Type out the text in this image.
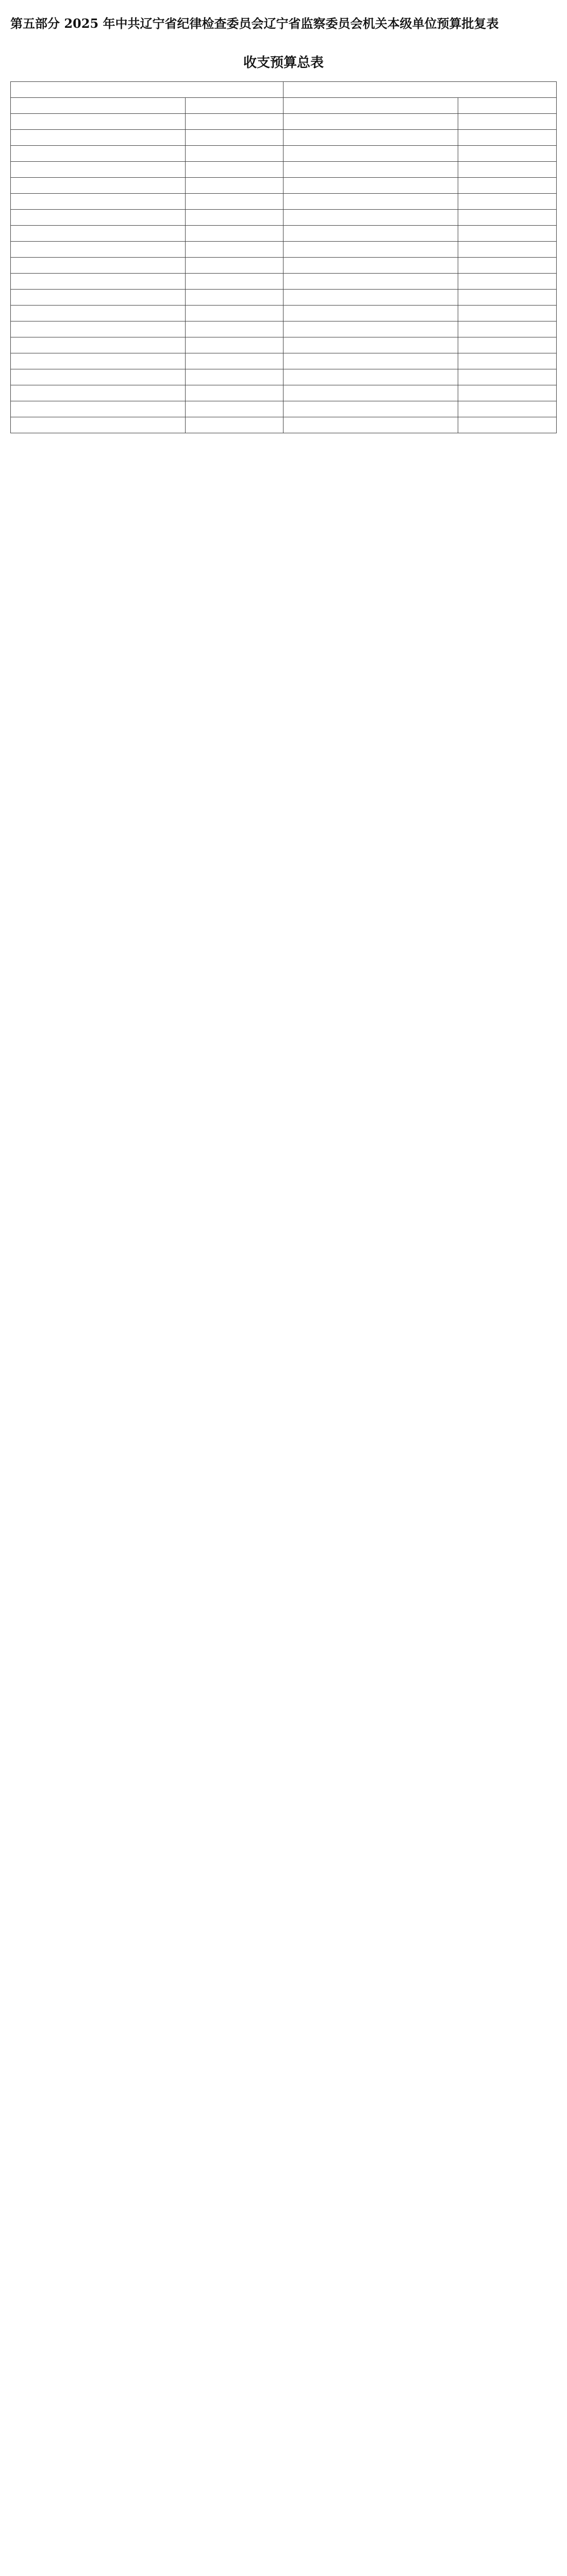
第五部分 2025 年中共辽宁省纪律检查委员会辽宁省监察委员会机关本级单位预算批复表
收支预算总表
